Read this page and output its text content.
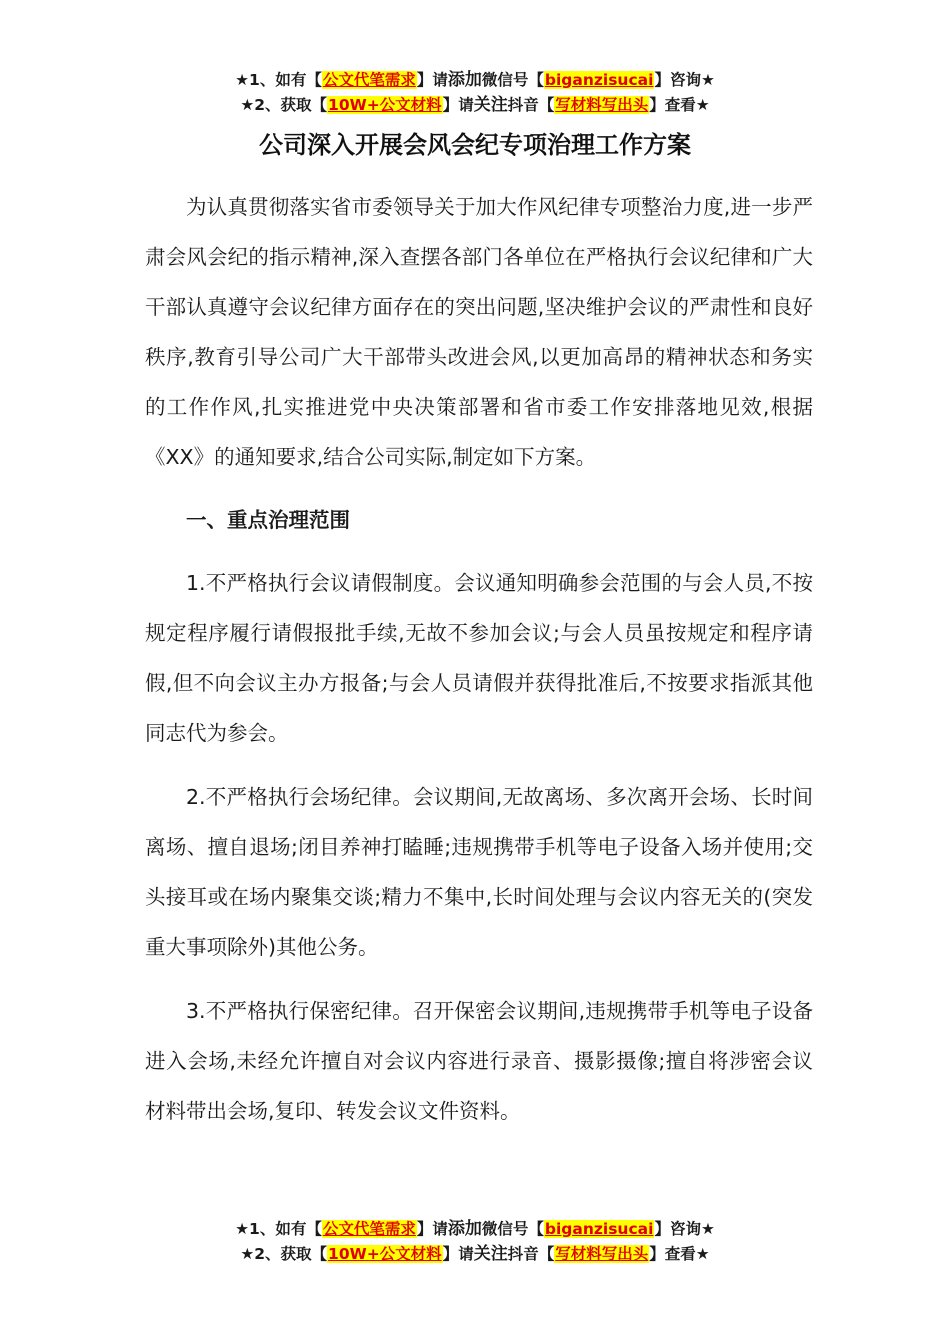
★1、如有【公文代笔需求】请添加微信号【biganzisucai】咨询★
★2、获取【10W+公文材料】请关注抖音【写材料写出头】查看★
公司深入开展会风会纪专项治理工作方案

为认真贯彻落实省市委领导关于加大作风纪律专项整治力度,进一步严肃会风会纪的指示精神,深入查摆各部门各单位在严格执行会议纪律和广大干部认真遵守会议纪律方面存在的突出问题,坚决维护会议的严肃性和良好秩序,教育引导公司广大干部带头改进会风,以更加高昂的精神状态和务实的工作作风,扎实推进党中央决策部署和省市委工作安排落地见效,根据《XX》的通知要求,结合公司实际,制定如下方案。

一、重点治理范围

1.不严格执行会议请假制度。会议通知明确参会范围的与会人员,不按规定程序履行请假报批手续,无故不参加会议;与会人员虽按规定和程序请假,但不向会议主办方报备;与会人员请假并获得批准后,不按要求指派其他同志代为参会。

2.不严格执行会场纪律。会议期间,无故离场、多次离开会场、长时间离场、擅自退场;闭目养神打瞌睡;违规携带手机等电子设备入场并使用;交头接耳或在场内聚集交谈;精力不集中,长时间处理与会议内容无关的(突发重大事项除外)其他公务。

3.不严格执行保密纪律。召开保密会议期间,违规携带手机等电子设备进入会场,未经允许擅自对会议内容进行录音、摄影摄像;擅自将涉密会议材料带出会场,复印、转发会议文件资料。

★1、如有【公文代笔需求】请添加微信号【biganzisucai】咨询★
★2、获取【10W+公文材料】请关注抖音【写材料写出头】查看★
